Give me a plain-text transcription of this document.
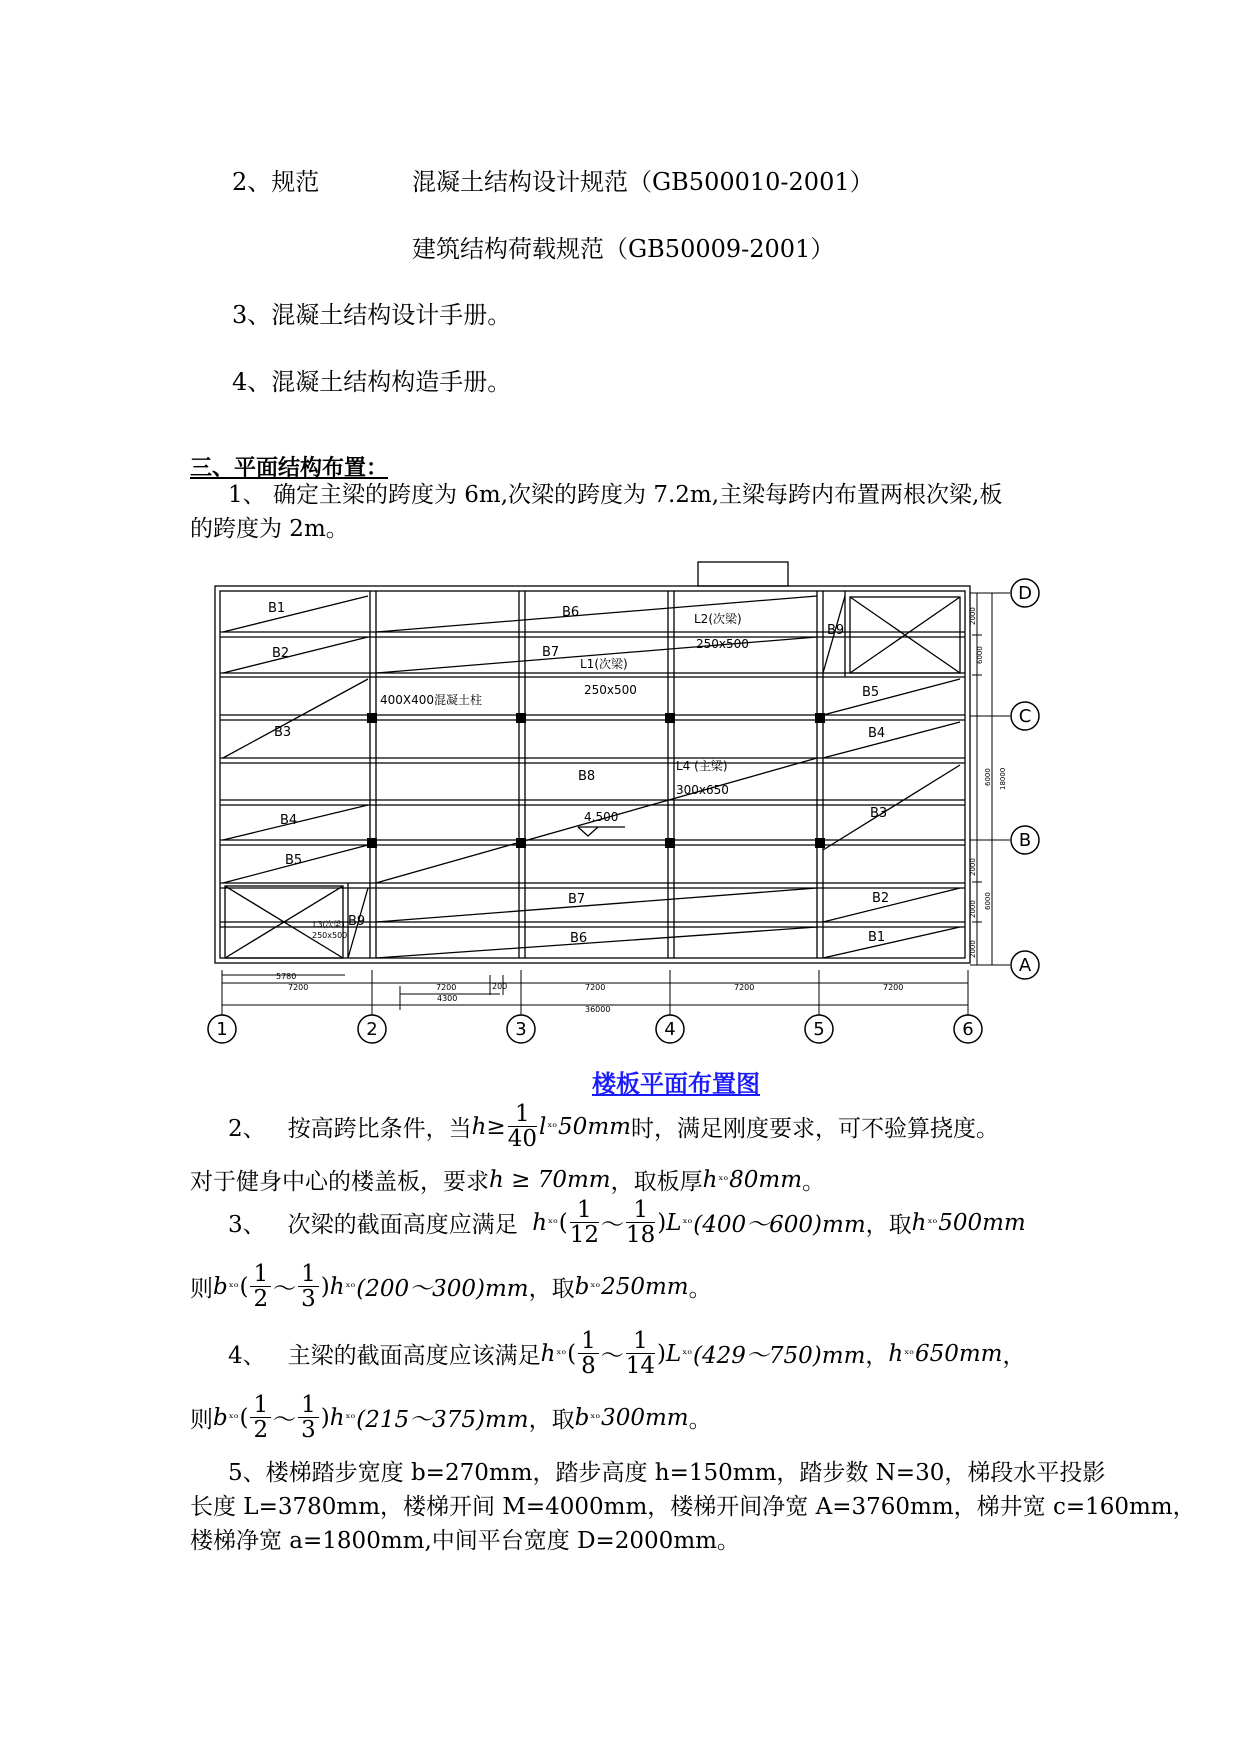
2、规范	混凝土结构设计规范（GB500010-2001）
建筑结构荷载规范（GB50009-2001）
3、混凝土结构设计手册。
4、混凝土结构构造手册。
三、平面结构布置：
1、 确定主梁的跨度为 6m,次梁的跨度为 7.2m,主梁每跨内布置两根次梁,板
的跨度为 2m。
D
C
B
A
1	2	3	4	5	6
B1
B2
B3
B4
B5
B6
B7
B8
B9
B9
B5
B4
B3
B2
B1
B7
B6
L2(次梁)
250x500
L1(次梁)
250x500
L4 (主梁)
300x650
400X400混凝土柱
4.500
L3(次梁)
250x500
5780
7200	7200	200
4300
7200	7200	7200
36000
2000
2000
2000
2000
6000
6000
6000
18000
楼板平面布置图
2、
按高跨比条件，当 $h \ge \frac{1}{40}$ l ˣᵒ 50mm 时，满足刚度要求，可不验算挠度。
对于健身中心的楼盖板，要求 h ≥ 70mm ，取板厚 h ˣᵒ 80mm 。
3、
次梁的截面高度应满足
h ˣᵒ ( $\frac{1}{12}$ ～ $\frac{1}{18}$ ) L ˣᵒ (400～600)mm ，取 h ˣᵒ 500mm
则 b ˣᵒ ( $\frac{1}{2}$ ～ $\frac{1}{3}$ ) h ˣᵒ (200～300)mm ，取 b ˣᵒ 250mm 。
4、
主梁的截面高度应该满足 h ˣᵒ ( $\frac{1}{8}$ ～ $\frac{1}{14}$ ) L ˣᵒ (429～750)mm ， h ˣᵒ 650mm ，
则 b ˣᵒ ( $\frac{1}{2}$ ～ $\frac{1}{3}$ ) h ˣᵒ (215～375)mm ，取 b ˣᵒ 300mm 。
5、楼梯踏步宽度 b=270mm，踏步高度 h=150mm，踏步数 N=30，梯段水平投影
长度 L=3780mm，楼梯开间 M=4000mm，楼梯开间净宽 A=3760mm，梯井宽 c=160mm，
楼梯净宽 a=1800mm,中间平台宽度 D=2000mm。
